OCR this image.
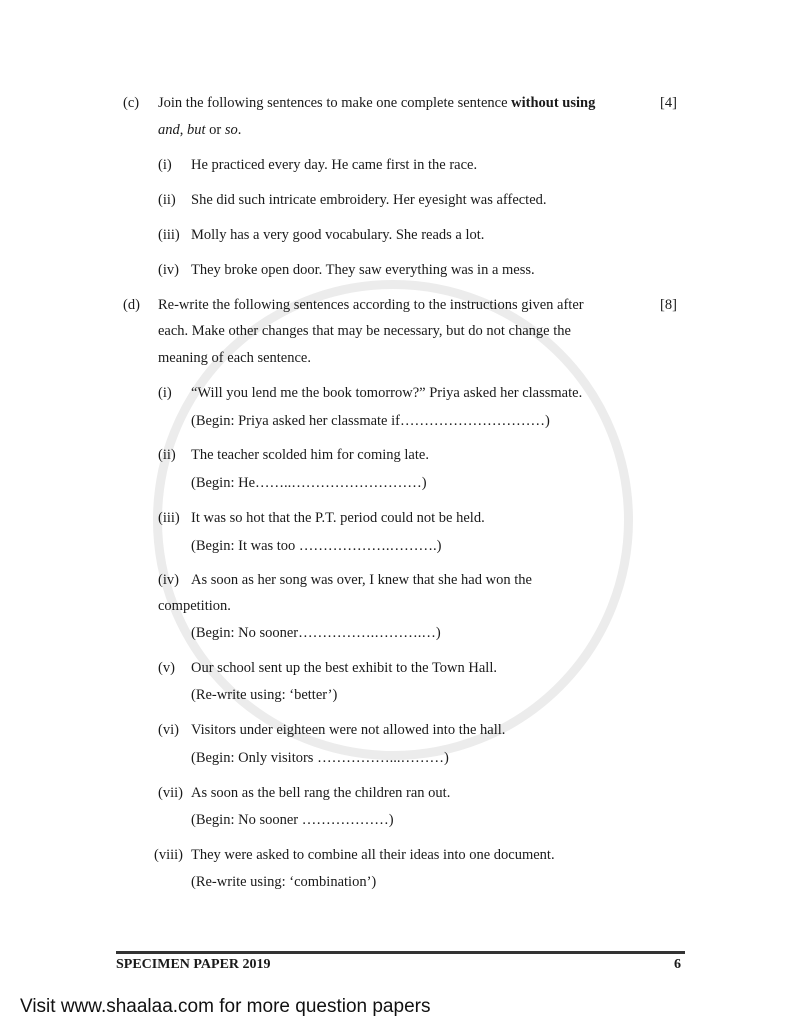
(c) Join the following sentences to make one complete sentence without using	[4]
and, but or so.
(i) He practiced every day. He came first in the race.
(ii) She did such intricate embroidery. Her eyesight was affected.
(iii) Molly has a very good vocabulary. She reads a lot.
(iv) They broke open door. They saw everything was in a mess.
(d) Re-write the following sentences according to the instructions given after	[8]
each. Make other changes that may be necessary, but do not change the
meaning of each sentence.
(i) “Will you lend me the book tomorrow?” Priya asked her classmate.
(Begin: Priya asked her classmate if…………………………)
(ii) The teacher scolded him for coming late.
(Begin: He……..………………………)
(iii) It was so hot that the P.T. period could not be held.
(Begin: It was too ……………….……….)
(iv) As soon as her song was over, I knew that she had won the
competition.
(Begin: No sooner…………….……….…)
(v) Our school sent up the best exhibit to the Town Hall.
(Re-write using: ‘better’)
(vi) Visitors under eighteen were not allowed into the hall.
(Begin: Only visitors ……………...………)
(vii) As soon as the bell rang the children ran out.
(Begin: No sooner ………………)
(viii) They were asked to combine all their ideas into one document.
(Re-write using: ‘combination’)
SPECIMEN PAPER 2019	6
Visit www.shaalaa.com for more question papers
